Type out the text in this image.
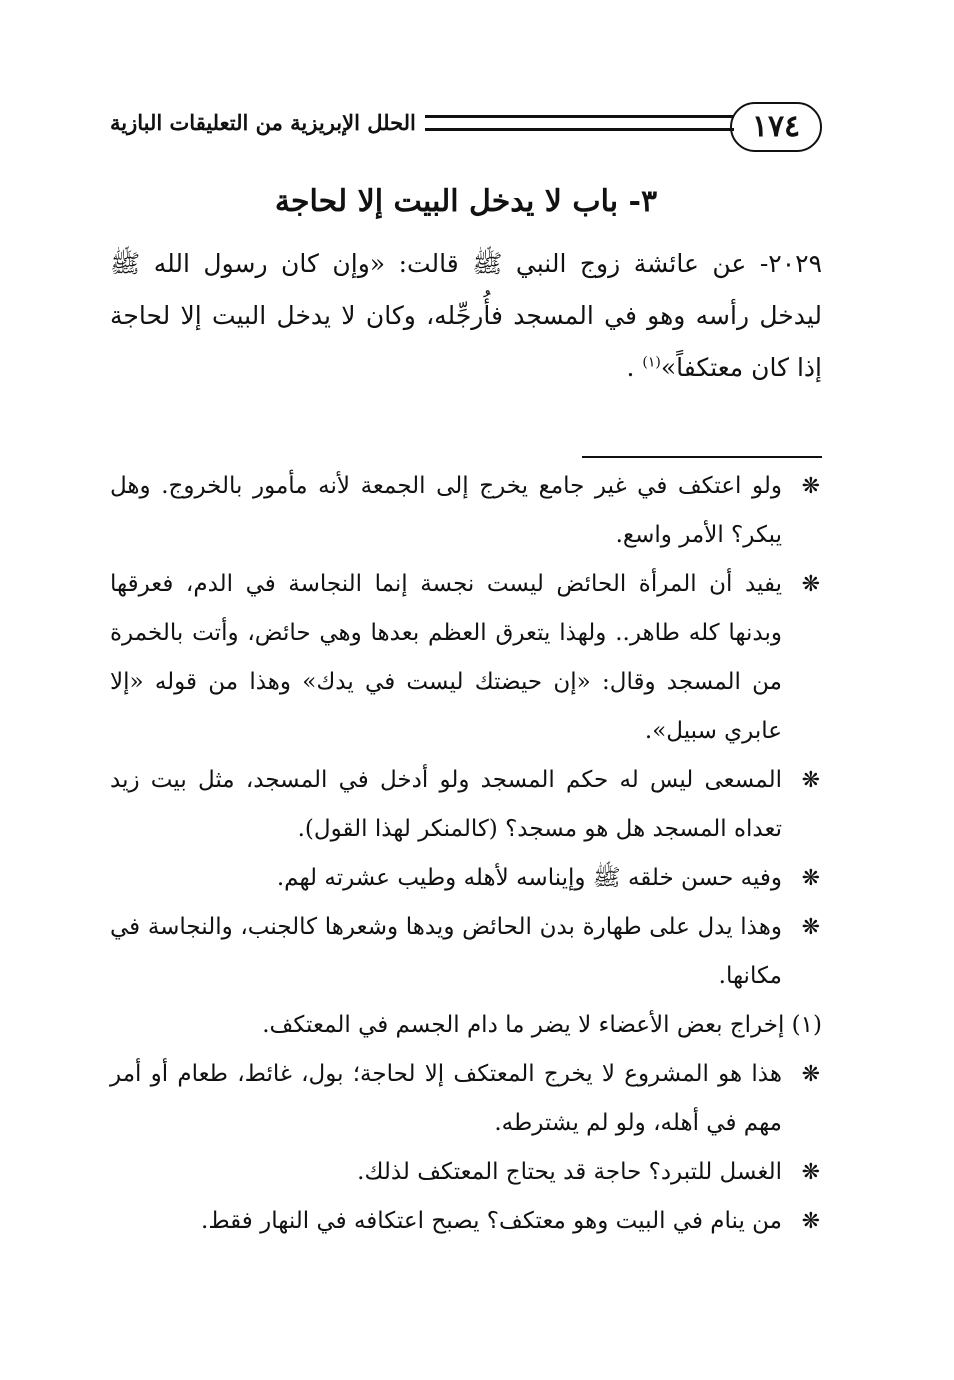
١٧٤
الحلل الإبريزية من التعليقات البازية
٣- باب لا يدخل البيت إلا لحاجة

٢٠٢٩- عن عائشة زوج النبي ﷺ قالت: «وإن كان رسول الله ﷺ ليدخل رأسه وهو في المسجد فأُرجِّله، وكان لا يدخل البيت إلا لحاجة إذا كان معتكفاً»$^{(١)}$ .

❋
ولو اعتكف في غير جامع يخرج إلى الجمعة لأنه مأمور بالخروج. وهل يبكر؟ الأمر واسع.
❋
يفيد أن المرأة الحائض ليست نجسة إنما النجاسة في الدم، فعرقها وبدنها كله طاهر.. ولهذا يتعرق العظم بعدها وهي حائض، وأتت بالخمرة من المسجد وقال: «إن حيضتك ليست في يدك» وهذا من قوله «إلا عابري سبيل».
❋
المسعى ليس له حكم المسجد ولو أدخل في المسجد، مثل بيت زيد تعداه المسجد هل هو مسجد؟ (كالمنكر لهذا القول).
❋
وفيه حسن خلقه ﷺ وإيناسه لأهله وطيب عشرته لهم.
❋
وهذا يدل على طهارة بدن الحائض ويدها وشعرها كالجنب، والنجاسة في مكانها.
(١) إخراج بعض الأعضاء لا يضر ما دام الجسم في المعتكف.
❋
هذا هو المشروع لا يخرج المعتكف إلا لحاجة؛ بول، غائط، طعام أو أمر مهم في أهله، ولو لم يشترطه.
❋
الغسل للتبرد؟ حاجة قد يحتاج المعتكف لذلك.
❋
من ينام في البيت وهو معتكف؟ يصبح اعتكافه في النهار فقط.
